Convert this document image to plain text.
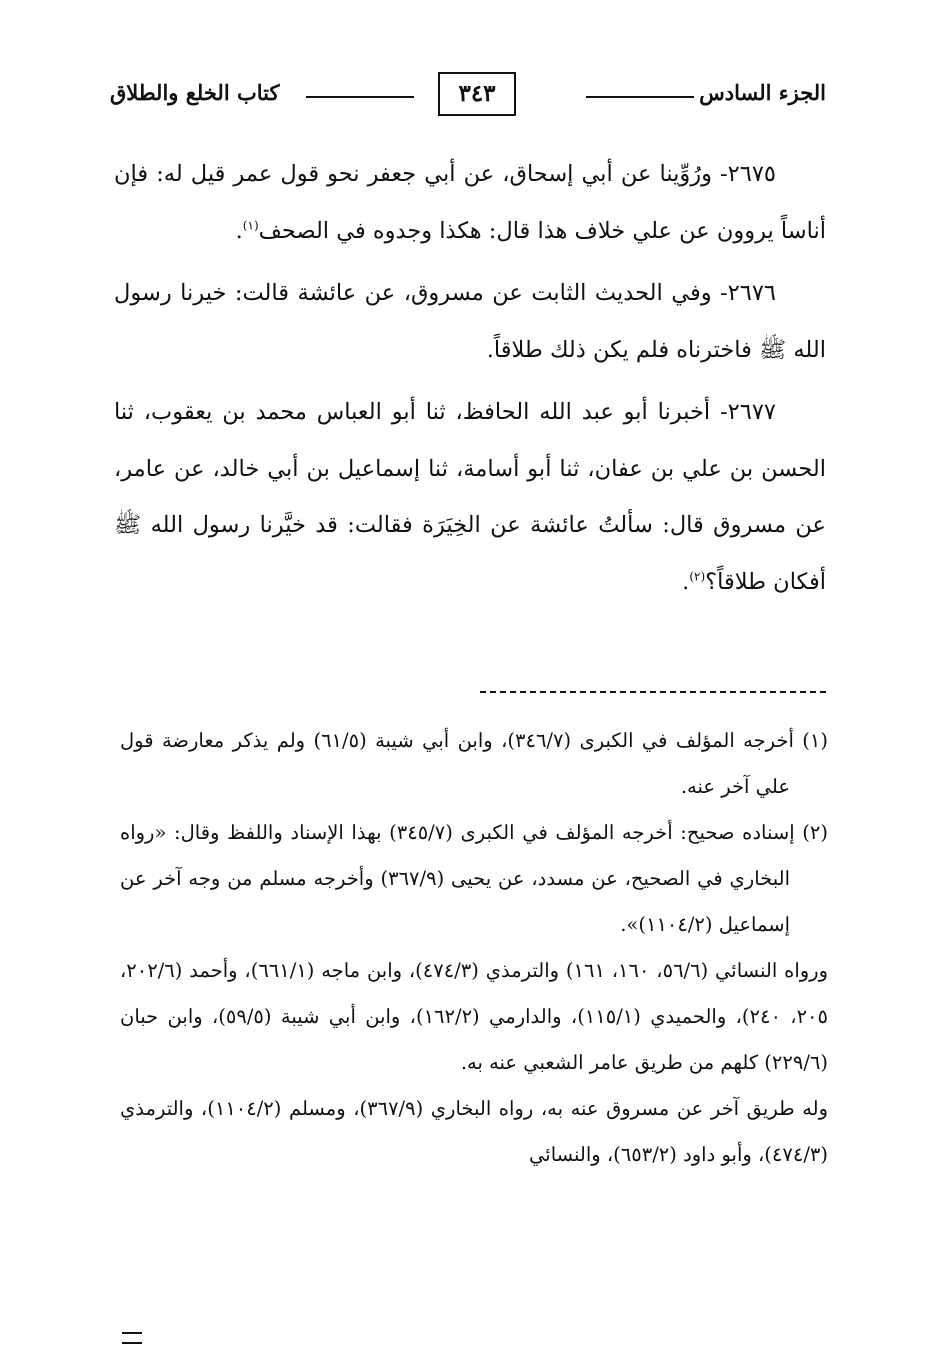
الجزء السادس
٣٤٣
كتاب الخلع والطلاق

٢٦٧٥- ورُوِّينا عن أبي إسحاق، عن أبي جعفر نحو قول عمر قيل له: فإن أناساً يروون عن علي خلاف هذا قال: هكذا وجدوه في الصحف$^{(١)}$.

٢٦٧٦- وفي الحديث الثابت عن مسروق، عن عائشة قالت: خيرنا رسول الله ﷺ فاخترناه فلم يكن ذلك طلاقاً.

٢٦٧٧- أخبرنا أبو عبد الله الحافظ، ثنا أبو العباس محمد بن يعقوب، ثنا الحسن بن علي بن عفان، ثنا أبو أسامة، ثنا إسماعيل بن أبي خالد، عن عامر، عن مسروق قال: سألتُ عائشة عن الخِيَرَة فقالت: قد خيَّرنا رسول الله ﷺ أفكان طلاقاً؟$^{(٢)}$.

(١) أخرجه المؤلف في الكبرى (٣٤٦/٧)، وابن أبي شيبة (٦١/٥) ولم يذكر معارضة قول علي آخر عنه.

(٢) إسناده صحيح: أخرجه المؤلف في الكبرى (٣٤٥/٧) بهذا الإسناد واللفظ وقال: «رواه البخاري في الصحيح، عن مسدد، عن يحيى (٣٦٧/٩) وأخرجه مسلم من وجه آخر عن إسماعيل (١١٠٤/٢)».

ورواه النسائي (٥٦/٦، ١٦٠، ١٦١) والترمذي (٤٧٤/٣)، وابن ماجه (٦٦١/١)، وأحمد (٢٠٢/٦، ٢٠٥، ٢٤٠)، والحميدي (١١٥/١)، والدارمي (١٦٢/٢)، وابن أبي شيبة (٥٩/٥)، وابن حبان (٢٢٩/٦) كلهم من طريق عامر الشعبي عنه به.

وله طريق آخر عن مسروق عنه به، رواه البخاري (٣٦٧/٩)، ومسلم (١١٠٤/٢)، والترمذي (٤٧٤/٣)، وأبو داود (٦٥٣/٢)، والنسائي
